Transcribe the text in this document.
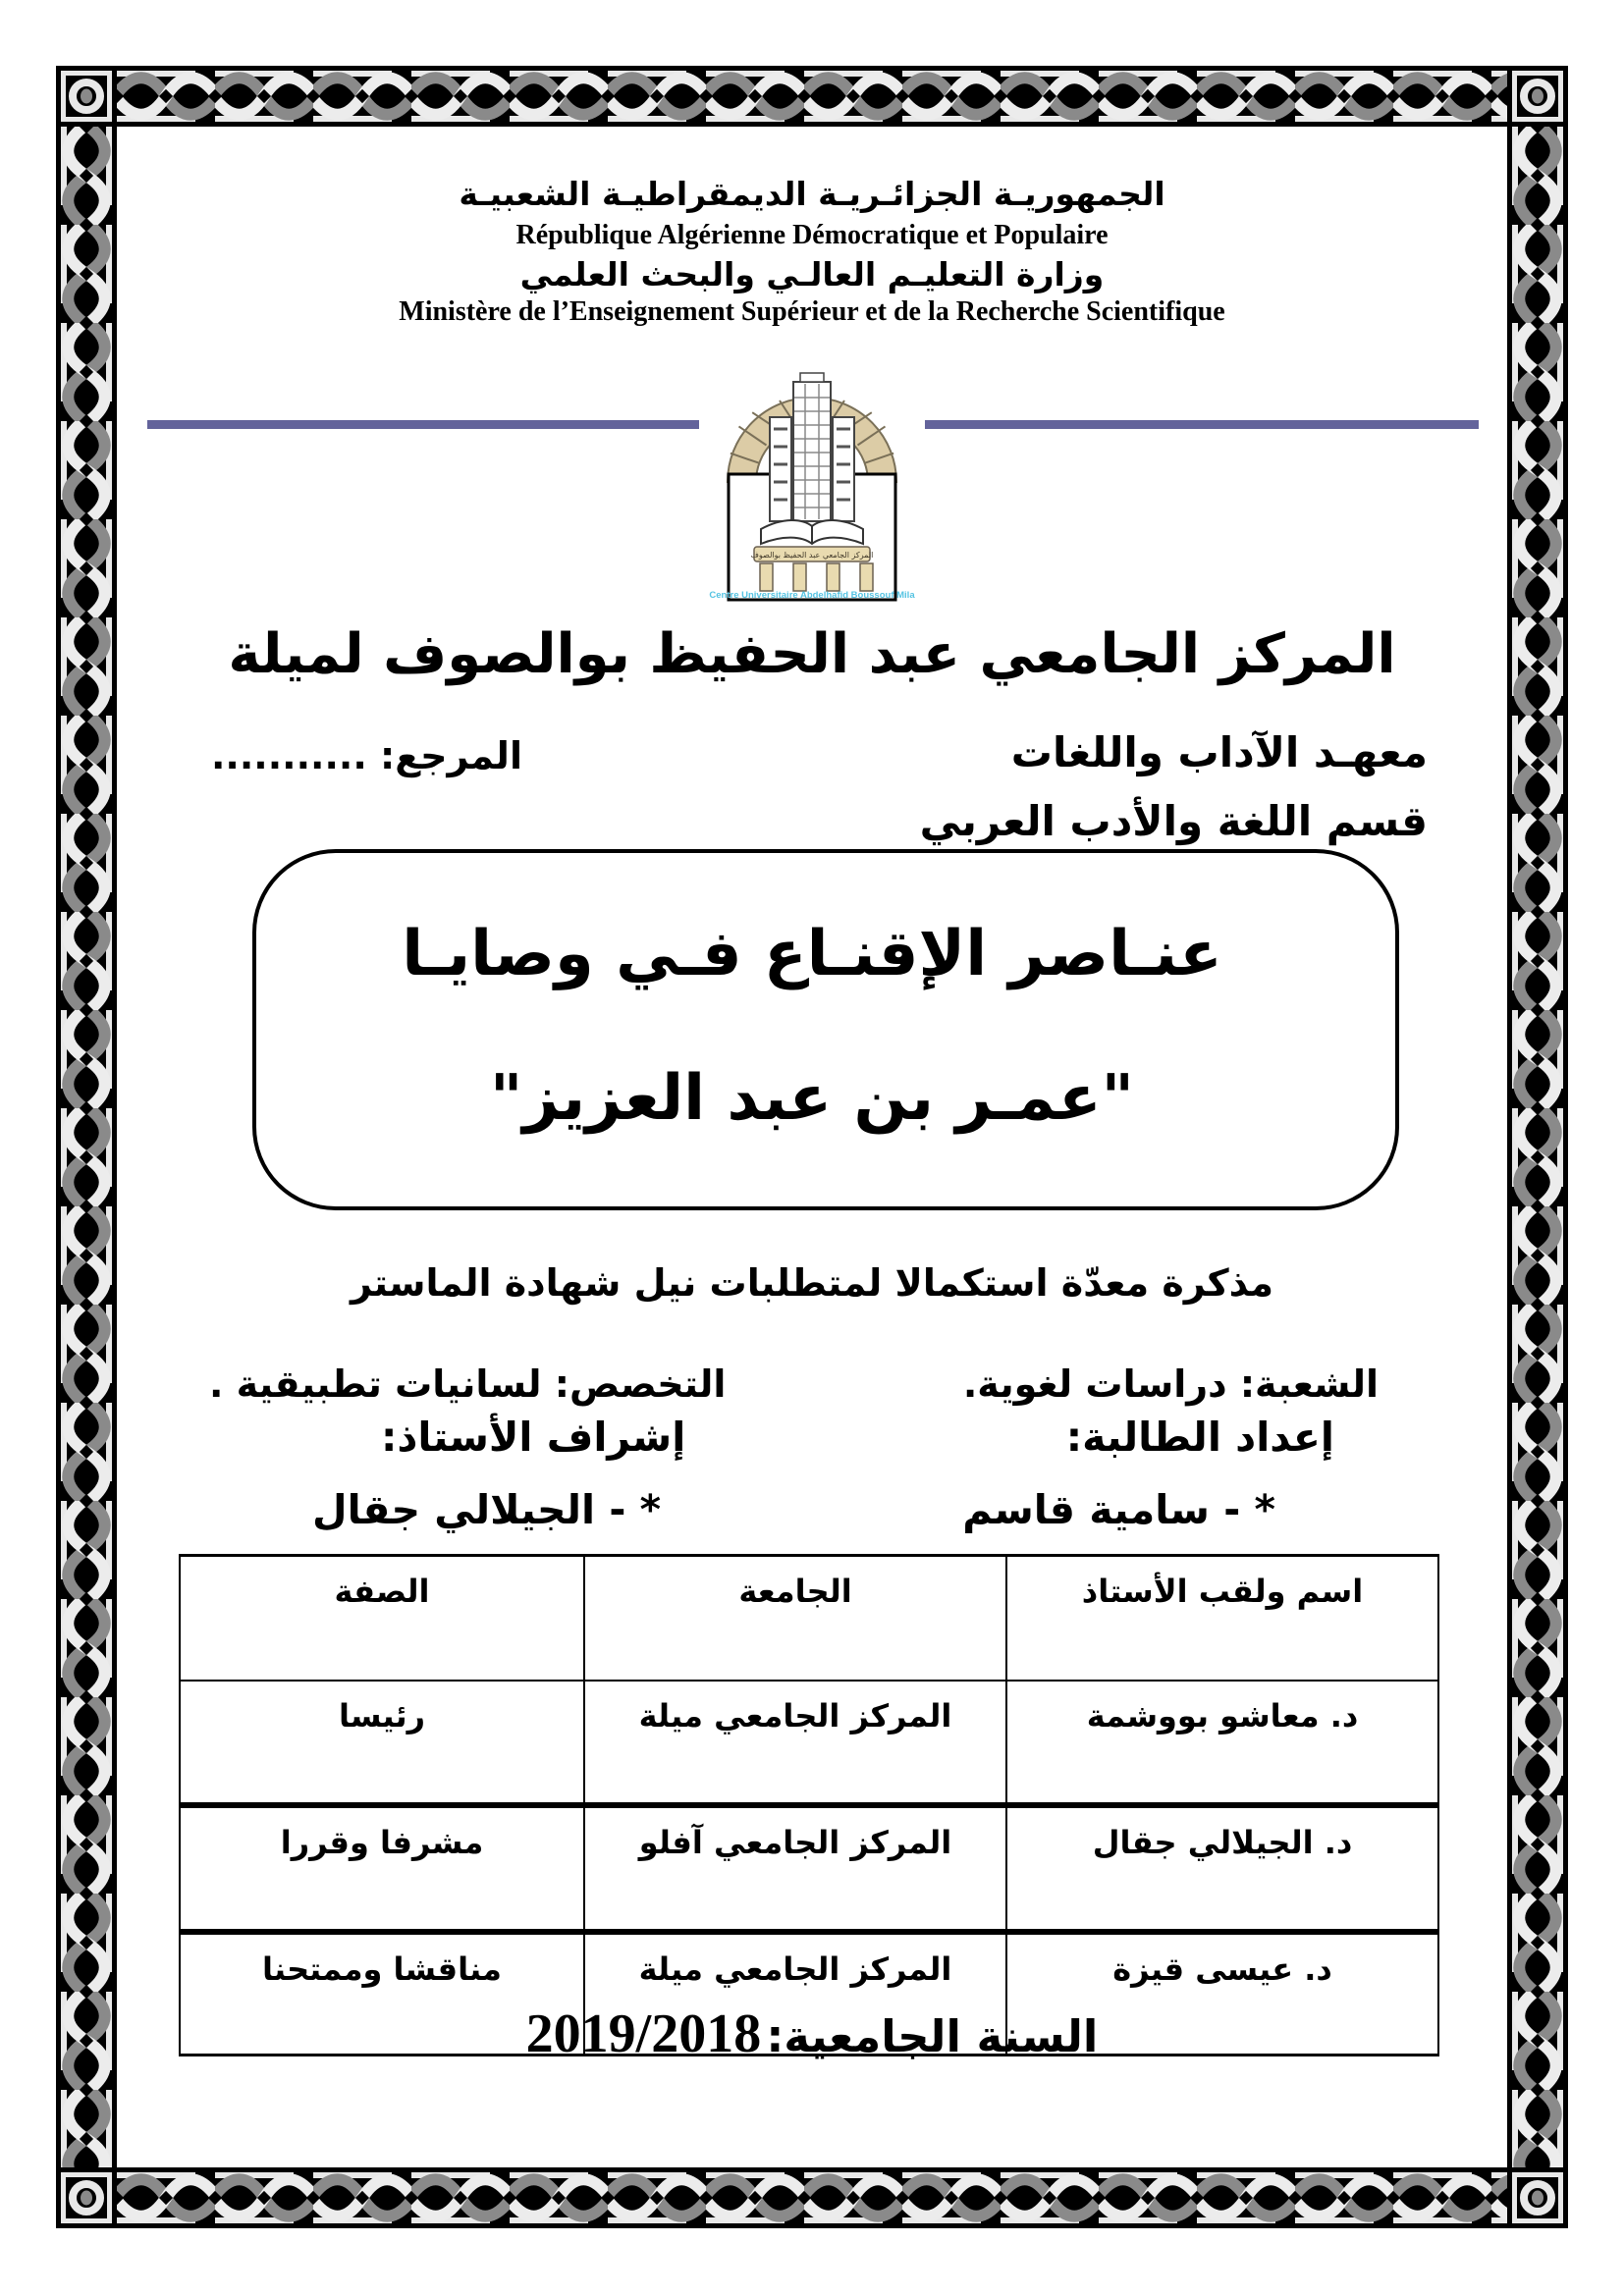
الجمهوريـة الجزائـريـة الديمقراطيـة الشعبيـة
République Algérienne Démocratique et Populaire
وزارة التعليـم العالـي والبحث العلمي
Ministère de l’Enseignement Supérieur et de la Recherche Scientifique
المركز الجامعي عبد الحفيظ بوالصوف
Centre Universitaire Abdelhafid Boussouf Mila
المركز الجامعي عبد الحفيظ بوالصوف لميلة
معهـد الآداب واللغات
المرجع: ...........
قسم اللغة والأدب العربي
عنـاصر الإقنـاع فـي وصايـا
"عمـر بن عبد العزيز"
مذكرة معدّة استكمالا لمتطلبات نيل شهادة الماستر
الشعبة: دراسات لغوية.
التخصص: لسانيات تطبيقية .
إعداد الطالبة:
إشراف الأستاذ:
* - سامية قاسم
* - الجيلالي جقال
اسم ولقب الأستاذ	الجامعة	الصفة
د. معاشو بووشمة	المركز الجامعي ميلة	رئيسا
د. الجيلالي جقال	المركز الجامعي آفلو	مشرفا وقررا
د. عيسى قيزة	المركز الجامعي ميلة	مناقشا وممتحنا
السنة الجامعية: 2019/2018
